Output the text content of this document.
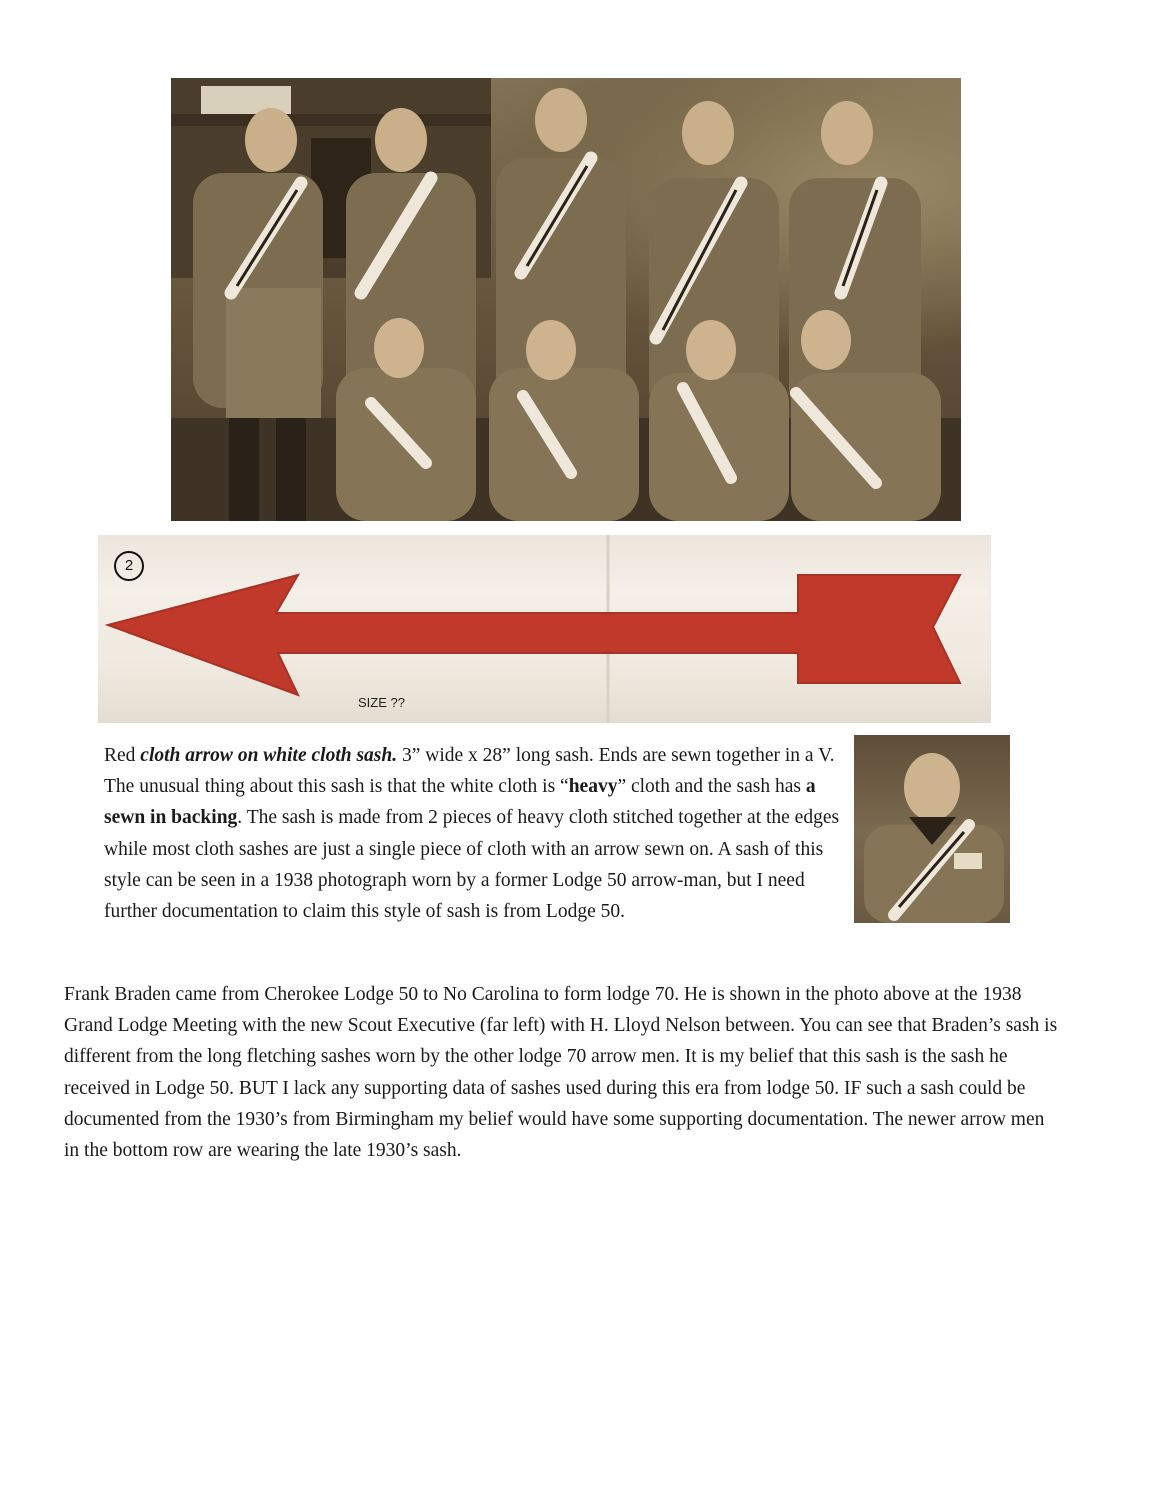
2
SIZE ??

Red cloth arrow on white cloth sash. 3” wide x 28” long sash. Ends are sewn together in a V. The unusual thing about this sash is that the white cloth is “heavy” cloth and the sash has a sewn in backing. The sash is made from 2 pieces of heavy cloth stitched together at the edges while most cloth sashes are just a single piece of cloth with an arrow sewn on. A sash of this style can be seen in a 1938 photograph worn by a former Lodge 50 arrow-man, but I need further documentation to claim this style of sash is from Lodge 50.

Frank Braden came from Cherokee Lodge 50 to No Carolina to form lodge 70. He is shown in the photo above at the 1938 Grand Lodge Meeting with the new Scout Executive (far left) with H. Lloyd Nelson between. You can see that Braden’s sash is different from the long fletching sashes worn by the other lodge 70 arrow men. It is my belief that this sash is the sash he received in Lodge 50. BUT I lack any supporting data of sashes used during this era from lodge 50. IF such a sash could be documented from the 1930’s from Birmingham my belief would have some supporting documentation. The newer arrow men in the bottom row are wearing the late 1930’s sash.
